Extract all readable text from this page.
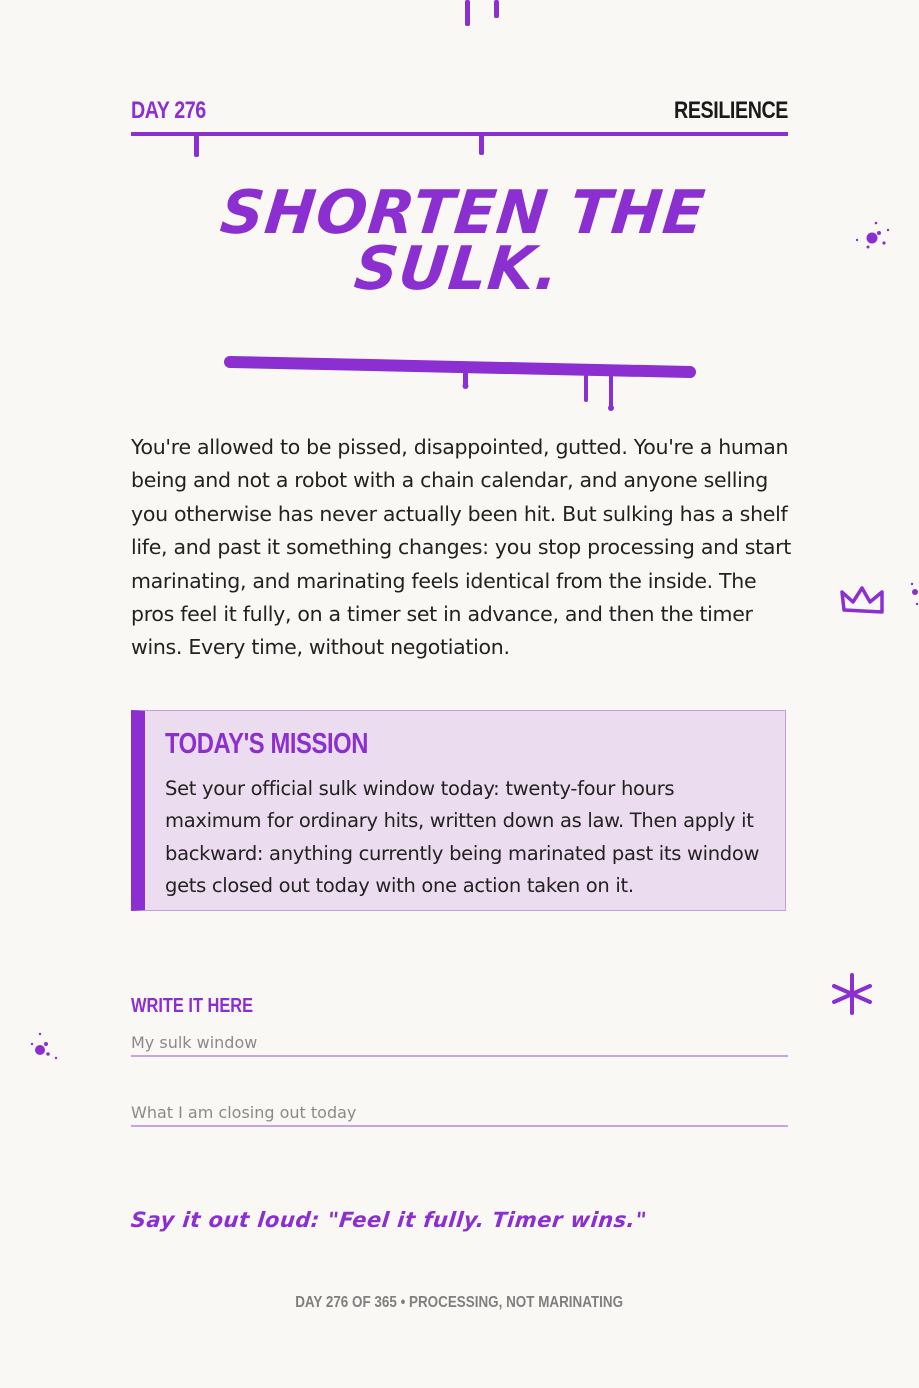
DAY 276	RESILIENCE
SHORTEN THE
SULK.
You're allowed to be pissed, disappointed, gutted. You're a human being and not a robot with a chain calendar, and anyone selling you otherwise has never actually been hit. But sulking has a shelf life, and past it something changes: you stop processing and start marinating, and marinating feels identical from the inside. The pros feel it fully, on a timer set in advance, and then the timer wins. Every time, without negotiation.
TODAY'S MISSION
Set your official sulk window today: twenty-four hours maximum for ordinary hits, written down as law. Then apply it backward: anything currently being marinated past its window gets closed out today with one action taken on it.
WRITE IT HERE
My sulk window
What I am closing out today
Say it out loud: "Feel it fully. Timer wins."
DAY 276 OF 365 • PROCESSING, NOT MARINATING
